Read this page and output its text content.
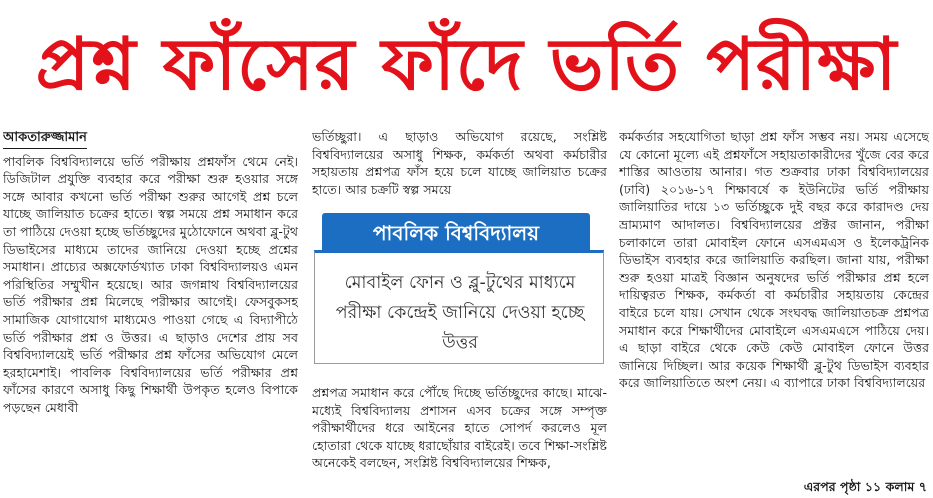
প্রশ্ন ফাঁসের ফাঁদে ভর্তি পরীক্ষা
আকতারুজ্জামান

পাবলিক বিশ্ববিদ্যালয়ে ভর্তি পরীক্ষায় প্রশ্নফাঁস থেমে নেই। ডিজিটাল প্রযুক্তি ব্যবহার করে পরীক্ষা শুরু হওয়ার সঙ্গে সঙ্গে আবার কখনো ভর্তি পরীক্ষা শুরুর আগেই প্রশ্ন চলে যাচ্ছে জালিয়াত চক্রের হাতে। স্বল্প সময়ে প্রশ্ন সমাধান করে তা পাঠিয়ে দেওয়া হচ্ছে ভর্তিচ্ছুদের মুঠোফোনে অথবা ব্লু-টুথ ডিভাইসের মাধ্যমে তাদের জানিয়ে দেওয়া হচ্ছে প্রশ্নের সমাধান। প্রাচ্যের অক্সফোর্ডখ্যাত ঢাকা বিশ্ববিদ্যালয়ও এমন পরিস্থিতির সম্মুখীন হয়েছে। আর জগন্নাথ বিশ্ববিদ্যালয়ের ভর্তি পরীক্ষার প্রশ্ন মিলেছে পরীক্ষার আগেই। ফেসবুকসহ সামাজিক যোগাযোগ মাধ্যমেও পাওয়া গেছে এ বিদ্যাপীঠে ভর্তি পরীক্ষার প্রশ্ন ও উত্তর। এ ছাড়াও দেশের প্রায় সব বিশ্ববিদ্যালয়েই ভর্তি পরীক্ষার প্রশ্ন ফাঁসের অভিযোগ মেলে হরহামেশাই। পাবলিক বিশ্ববিদ্যালয়ের ভর্তি পরীক্ষার প্রশ্ন ফাঁসের কারণে অসাধু কিছু শিক্ষার্থী উপকৃত হলেও বিপাকে পড়ছেন মেধাবী

ভর্তিচ্ছুরা। এ ছাড়াও অভিযোগ রয়েছে, সংশ্লিষ্ট বিশ্ববিদ্যালয়ের অসাধু শিক্ষক, কর্মকর্তা অথবা কর্মচারীর সহায়তায় প্রশ্নপত্র ফাঁস হয়ে চলে যাচ্ছে জালিয়াত চক্রের হাতে। আর চক্রটি স্বল্প সময়ে

পাবলিক বিশ্ববিদ্যালয়
মোবাইল ফোন ও ব্লু-টুথের মাধ্যমে পরীক্ষা কেন্দ্রেই জানিয়ে দেওয়া হচ্ছে উত্তর

প্রশ্নপত্র সমাধান করে পৌঁছে দিচ্ছে ভর্তিচ্ছুদের কাছে। মাঝে-মধ্যেই বিশ্ববিদ্যালয় প্রশাসন এসব চক্রের সঙ্গে সম্পৃক্ত পরীক্ষার্থীদের ধরে আইনের হাতে সোপর্দ করলেও মূল হোতারা থেকে যাচ্ছে ধরাছোঁয়ার বাইরেই। তবে শিক্ষা-সংশ্লিষ্ট অনেকেই বলছেন, সংশ্লিষ্ট বিশ্ববিদ্যালয়ের শিক্ষক,

কর্মকর্তার সহযোগিতা ছাড়া প্রশ্ন ফাঁস সম্ভব নয়। সময় এসেছে যে কোনো মূল্যে এই প্রশ্নফাঁসে সহায়তাকারীদের খুঁজে বের করে শাস্তির আওতায় আনার। গত শুক্রবার ঢাকা বিশ্ববিদ্যালয়ের (ঢাবি) ২০১৬-১৭ শিক্ষাবর্ষে ক ইউনিটের ভর্তি পরীক্ষায় জালিয়াতির দায়ে ১৩ ভর্তিচ্ছুকে দুই বছর করে কারাদণ্ড দেয় ভ্রাম্যমাণ আদালত। বিশ্ববিদ্যালয়ের প্রক্টর জানান, পরীক্ষা চলাকালে তারা মোবাইল ফোনে এসএমএস ও ইলেকট্রনিক ডিভাইস ব্যবহার করে জালিয়াতি করছিল। জানা যায়, পরীক্ষা শুরু হওয়া মাত্রই বিজ্ঞান অনুষদের ভর্তি পরীক্ষার প্রশ্ন হলে দায়িত্বরত শিক্ষক, কর্মকর্তা বা কর্মচারীর সহায়তায় কেন্দ্রের বাইরে চলে যায়। সেখান থেকে সংঘবদ্ধ জালিয়াতচক্র প্রশ্নপত্র সমাধান করে শিক্ষার্থীদের মোবাইলে এসএমএসে পাঠিয়ে দেয়। এ ছাড়া বাইরে থেকে কেউ কেউ মোবাইল ফোনে উত্তর জানিয়ে দিচ্ছিল। আর কয়েক শিক্ষার্থী ব্লু-টুথ ডিভাইস ব্যবহার করে জালিয়াতিতে অংশ নেয়। এ ব্যাপারে ঢাকা বিশ্ববিদ্যালয়ের

এরপর পৃষ্ঠা ১১ কলাম ৭
